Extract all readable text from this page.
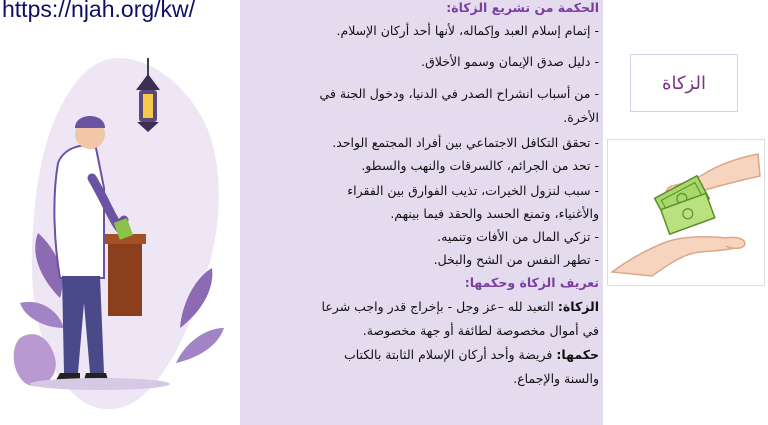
https://njah.org/kw/	الحكمة من تشريع الزكاة:
- إتمام إسلام العبد وإكماله، لأنها أحد أركان الإسلام.
- دليل صدق الإيمان وسمو الأخلاق.
- من أسباب انشراح الصدر في الدنيا، ودخول الجنة في
الأخرة.
- تحقق التكافل الاجتماعي بين أفراد المجتمع الواحد.
- تحد من الجرائم، كالسرقات والنهب والسطو.
- سبب لنزول الخيرات، تذيب الفوارق بين الفقراء
والأغنياء، وتمنع الحسد والحقد فيما بينهم.
- تزكي المال من الأفات وتنميه.
- تطهر النفس من الشح والبخل.
تعريف الزكاة وحكمها:
الزكاة: التعبد لله –عز وجل - بإخراج قدر واجب شرعا
في أموال مخصوصة لطائفة أو جهة مخصوصة.
حكمها: فريضة وأحد أركان الإسلام الثابتة بالكتاب
والسنة والإجماع.
الزكاة
